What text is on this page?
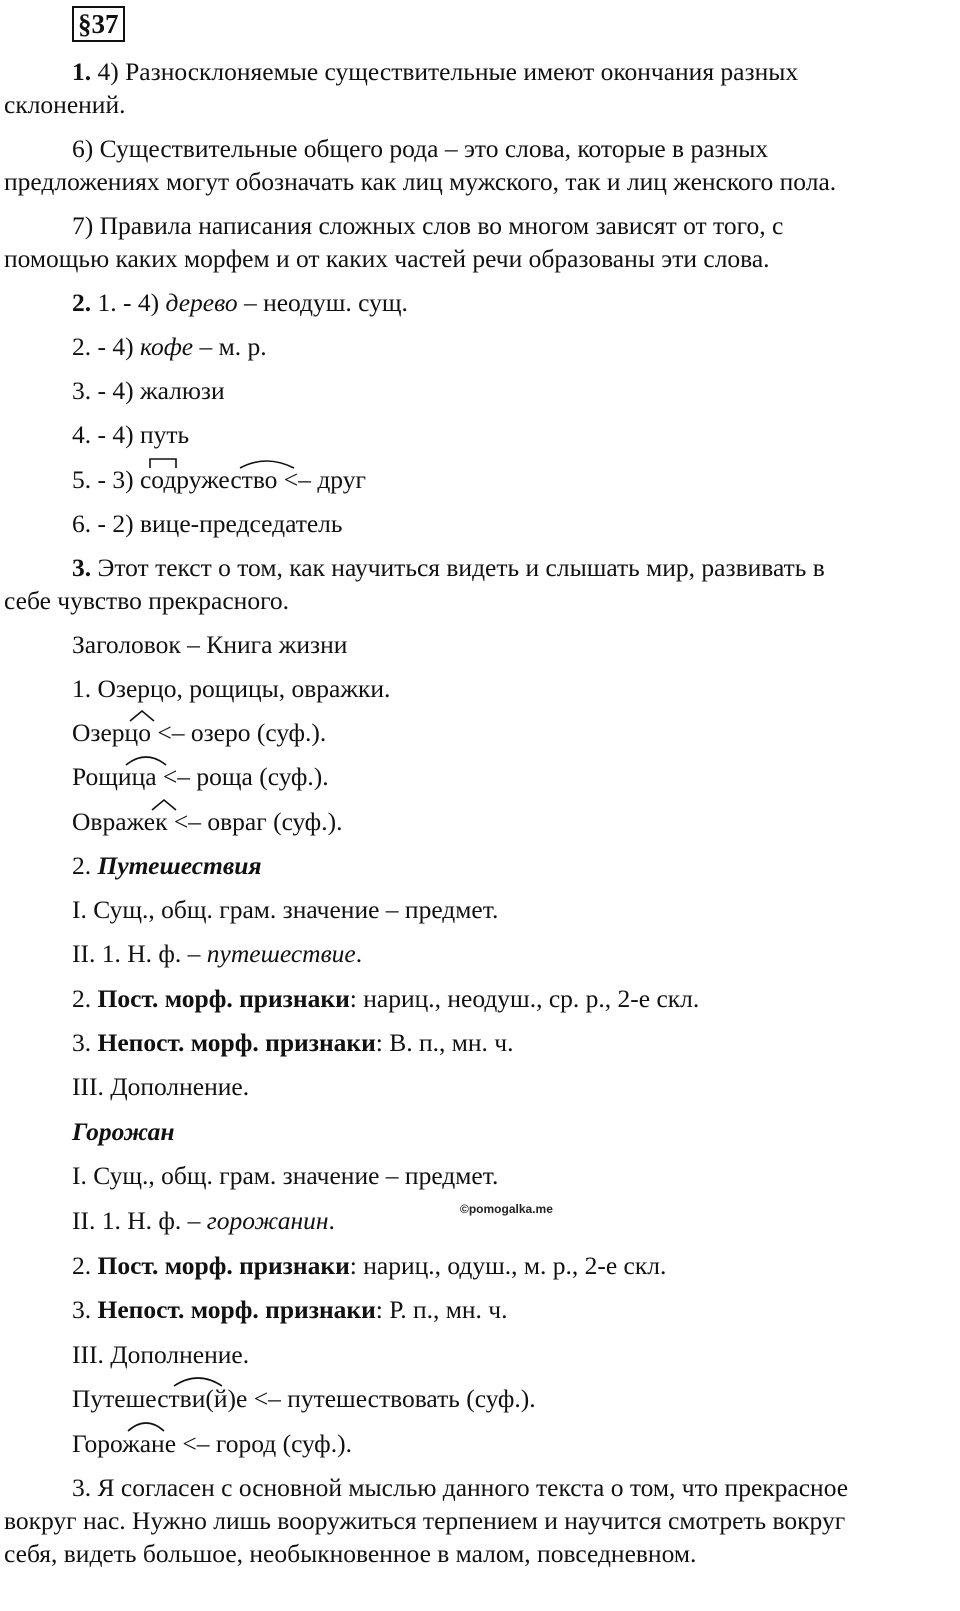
§37
1. 4) Разносклоняемые существительные имеют окончания разных
склонений.
6) Существительные общего рода – это слова, которые в разных
предложениях могут обозначать как лиц мужского, так и лиц женского пола.
7) Правила написания сложных слов во многом зависят от того, с
помощью каких морфем и от каких частей речи образованы эти слова.
2. 1. - 4) дерево – неодуш. сущ.
2. - 4) кофе – м. р.
3. - 4) жалюзи
4. - 4) путь
5. - 3) содружество <– друг
6. - 2) вице-председатель
3. Этот текст о том, как научиться видеть и слышать мир, развивать в
себе чувство прекрасного.
Заголовок – Книга жизни
1. Озерцо, рощицы, овражки.
Озерцо <– озеро (суф.).
Рощица <– роща (суф.).
Овражек <– овраг (суф.).
2. Путешествия
I. Сущ., общ. грам. значение – предмет.
II. 1. Н. ф. – путешествие.
2. Пост. морф. признаки: нариц., неодуш., ср. р., 2-е скл.
3. Непост. морф. признаки: В. п., мн. ч.
III. Дополнение.
Горожан
I. Сущ., общ. грам. значение – предмет.
©pomogalka.me
II. 1. Н. ф. – горожанин.
2. Пост. морф. признаки: нариц., одуш., м. р., 2-е скл.
3. Непост. морф. признаки: Р. п., мн. ч.
III. Дополнение.
Путешестви(й)е <– путешествовать (суф.).
Горожане <– город (суф.).
3. Я согласен с основной мыслью данного текста о том, что прекрасное
вокруг нас. Нужно лишь вооружиться терпением и научится смотреть вокруг
себя, видеть большое, необыкновенное в малом, повседневном.
